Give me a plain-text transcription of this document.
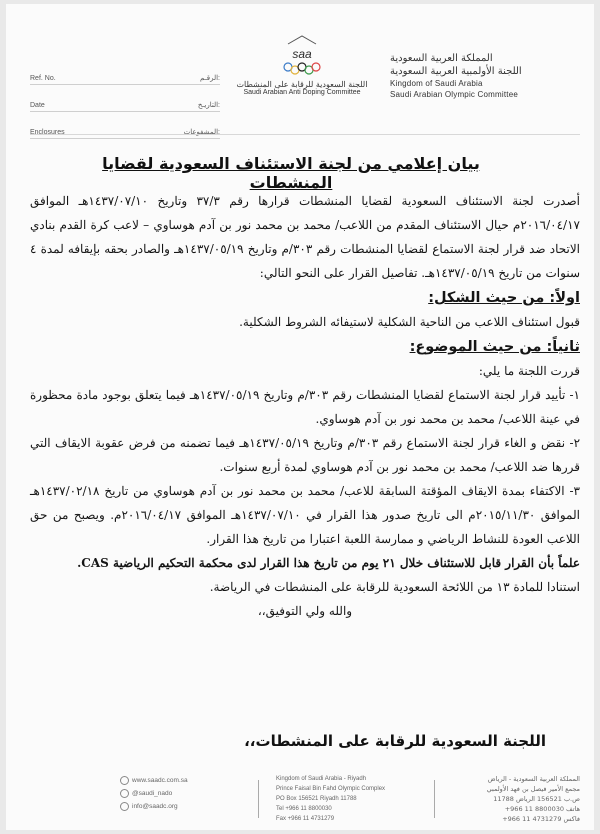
Ref. No.	الرقـم:
Date	التاريـخ:
Enclosures	المشفوعات:
saa
اللجنة السعودية للرقابة على المنشطات
Saudi Arabian Anti Doping Committee
المملكة العربية السعودية
اللجنة الأولمبية العربية السعودية
Kingdom of Saudi Arabia
Saudi Arabian Olympic Committee
بيان إعلامي من لجنة الاستئناف السعودية لقضايا المنشطات

أصدرت لجنة الاستئناف السعودية لقضايا المنشطات قرارها رقم ٣٧/٣ وتاريخ ١٤٣٧/٠٧/١٠هـ الموافق ٢٠١٦/٠٤/١٧م حيال الاستئناف المقدم من اللاعب/ محمد بن محمد نور بن آدم هوساوي – لاعب كرة القدم بنادي الاتحاد ضد قرار لجنة الاستماع لقضايا المنشطات رقم ٣٠٣/م وتاريخ ١٤٣٧/٠٥/١٩هـ والصادر بحقه بإيقافه لمدة ٤ سنوات من تاريخ ١٤٣٧/٠٥/١٩هـ. تفاصيل القرار على النحو التالي:

اولاً: من حيث الشكل:

قبول استئناف اللاعب من الناحية الشكلية لاستيفائه الشروط الشكلية.

ثانياً: من حيث الموضوع:

قررت اللجنة ما يلي:

١- تأييد قرار لجنة الاستماع لقضايا المنشطات رقم ٣٠٣/م وتاريخ ١٤٣٧/٠٥/١٩هـ فيما يتعلق بوجود مادة محظورة في عينة اللاعب/ محمد بن محمد نور بن آدم هوساوي.

٢- نقض و الغاء قرار لجنة الاستماع رقم ٣٠٣/م وتاريخ ١٤٣٧/٠٥/١٩هـ فيما تضمنه من فرض عقوبة الايقاف التي قررها ضد اللاعب/ محمد بن محمد نور بن آدم هوساوي لمدة أربع سنوات.

٣- الاكتفاء بمدة الايقاف المؤقتة السابقة للاعب/ محمد بن محمد نور بن آدم هوساوي من تاريخ ١٤٣٧/٠٢/١٨هـ الموافق ٢٠١٥/١١/٣٠م الى تاريخ صدور هذا القرار في ١٤٣٧/٠٧/١٠هـ الموافق ٢٠١٦/٠٤/١٧م. ويصبح من حق اللاعب العودة للنشاط الرياضي و ممارسة اللعبة اعتبارا من تاريخ هذا القرار.

علماً بأن القرار قابل للاستئناف خلال ٢١ يوم من تاريخ هذا القرار لدى محكمة التحكيم الرياضية CAS.

استنادا للمادة ١٣ من اللائحة السعودية للرقابة على المنشطات في الرياضة.

والله ولي التوفيق،،

اللجنة السعودية للرقابة على المنشطات،،
www.saadc.com.sa
@saudi_nado
info@saadc.org
Kingdom of Saudi Arabia - Riyadh
Prince Faisal Bin Fahd Olympic Complex
PO Box 156521 Riyadh 11788
Tel +966 11 8800030
Fax +966 11 4731279
المملكة العربية السعودية - الرياض
مجمع الأمير فيصل بن فهد الأولمبي
ص.ب 156521 الرياض 11788
هاتف 8800030 11 966+
فاكس 4731279 11 966+
